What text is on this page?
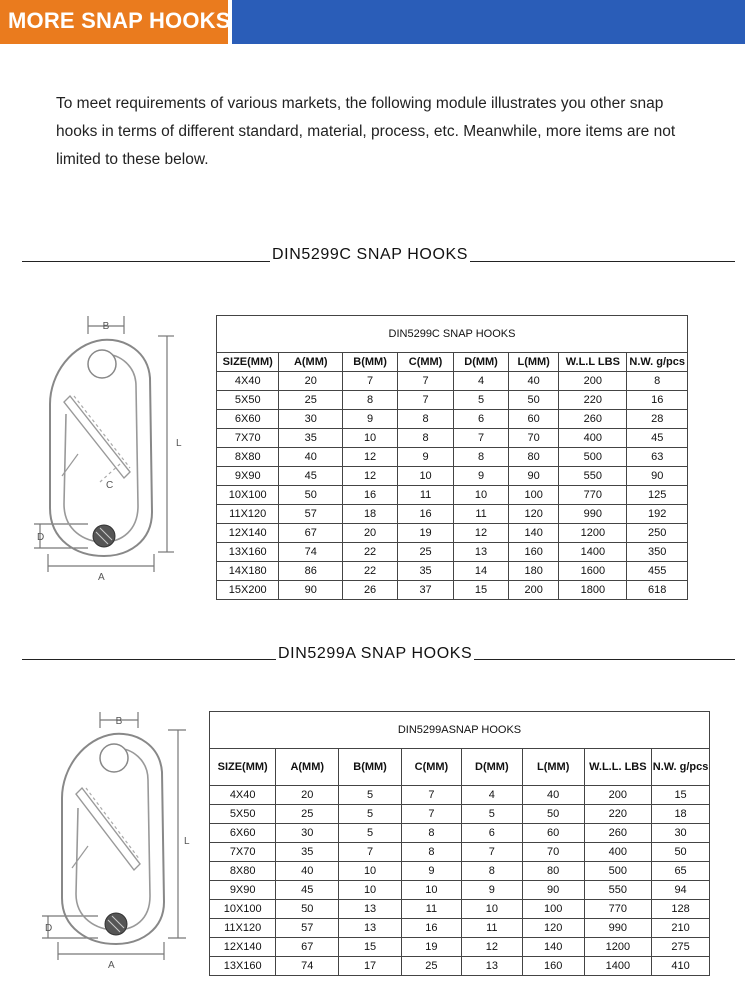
MORE SNAP HOOKS
To meet requirements of various markets, the following module illustrates you other snap hooks in terms of different standard, material, process, etc. Meanwhile, more items are not limited to these below.
DIN5299C SNAP HOOKS
B
L
C
D
A
DIN5299C SNAP HOOKS							
SIZE(MM)	A(MM)	B(MM)	C(MM)	D(MM)	L(MM)	W.L.L LBS	N.W. g/pcs
4X40	20	7	7	4	40	200	8
5X50	25	8	7	5	50	220	16
6X60	30	9	8	6	60	260	28
7X70	35	10	8	7	70	400	45
8X80	40	12	9	8	80	500	63
9X90	45	12	10	9	90	550	90
10X100	50	16	11	10	100	770	125
11X120	57	18	16	11	120	990	192
12X140	67	20	19	12	140	1200	250
13X160	74	22	25	13	160	1400	350
14X180	86	22	35	14	180	1600	455
15X200	90	26	37	15	200	1800	618
DIN5299A SNAP HOOKS
B
L
D
A
DIN5299ASNAP HOOKS							
SIZE(MM)	A(MM)	B(MM)	C(MM)	D(MM)	L(MM)	W.L.L. LBS	N.W. g/pcs
4X40	20	5	7	4	40	200	15
5X50	25	5	7	5	50	220	18
6X60	30	5	8	6	60	260	30
7X70	35	7	8	7	70	400	50
8X80	40	10	9	8	80	500	65
9X90	45	10	10	9	90	550	94
10X100	50	13	11	10	100	770	128
11X120	57	13	16	11	120	990	210
12X140	67	15	19	12	140	1200	275
13X160	74	17	25	13	160	1400	410
